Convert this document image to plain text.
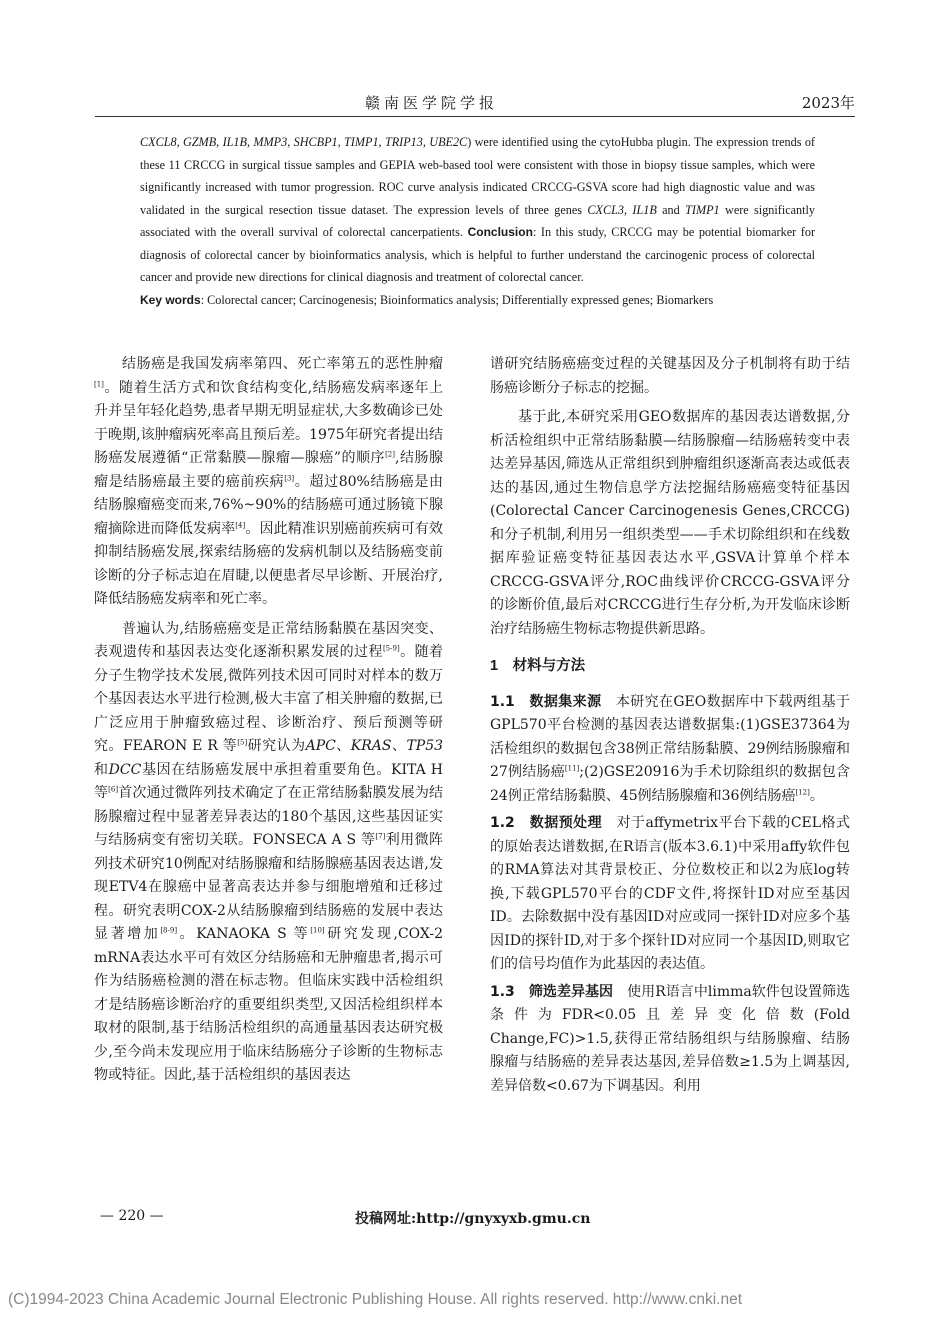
赣南医学院学报	2023年

CXCL8, GZMB, IL1B, MMP3, SHCBP1, TIMP1, TRIP13, UBE2C) were identified using the cytoHubba plugin. The expression trends of these 11 CRCCG in surgical tissue samples and GEPIA web-based tool were consistent with those in biopsy tissue samples, which were significantly increased with tumor progression. ROC curve analysis indicated CRCCG-GSVA score had high diagnostic value and was validated in the surgical resection tissue dataset. The expression levels of three genes CXCL3, IL1B and TIMP1 were significantly associated with the overall survival of colorectal cancerpatients. Conclusion: In this study, CRCCG may be potential biomarker for diagnosis of colorectal cancer by bioinformatics analysis, which is helpful to further understand the carcinogenic process of colorectal cancer and provide new directions for clinical diagnosis and treatment of colorectal cancer.

Key words: Colorectal cancer; Carcinogenesis; Bioinformatics analysis; Differentially expressed genes; Biomarkers

结肠癌是我国发病率第四、死亡率第五的恶性肿瘤[1]。随着生活方式和饮食结构变化,结肠癌发病率逐年上升并呈年轻化趋势,患者早期无明显症状,大多数确诊已处于晚期,该肿瘤病死率高且预后差。1975年研究者提出结肠癌发展遵循“正常黏膜—腺瘤—腺癌”的顺序[2],结肠腺瘤是结肠癌最主要的癌前疾病[3]。超过80%结肠癌是由结肠腺瘤癌变而来,76%~90%的结肠癌可通过肠镜下腺瘤摘除进而降低发病率[4]。因此精准识别癌前疾病可有效抑制结肠癌发展,探索结肠癌的发病机制以及结肠癌变前诊断的分子标志迫在眉睫,以便患者尽早诊断、开展治疗,降低结肠癌发病率和死亡率。

普遍认为,结肠癌癌变是正常结肠黏膜在基因突变、表观遗传和基因表达变化逐渐积累发展的过程[5-9]。随着分子生物学技术发展,微阵列技术因可同时对样本的数万个基因表达水平进行检测,极大丰富了相关肿瘤的数据,已广泛应用于肿瘤致癌过程、诊断治疗、预后预测等研究。FEARON E R 等[5]研究认为APC、KRAS、TP53和DCC基因在结肠癌发展中承担着重要角色。KITA H 等[6]首次通过微阵列技术确定了在正常结肠黏膜发展为结肠腺瘤过程中显著差异表达的180个基因,这些基因证实与结肠病变有密切关联。FONSECA A S 等[7]利用微阵列技术研究10例配对结肠腺瘤和结肠腺癌基因表达谱,发现ETV4在腺癌中显著高表达并参与细胞增殖和迁移过程。研究表明COX-2从结肠腺瘤到结肠癌的发展中表达显著增加[8-9]。KANAOKA S 等[10]研究发现,COX-2 mRNA表达水平可有效区分结肠癌和无肿瘤患者,揭示可作为结肠癌检测的潜在标志物。但临床实践中活检组织才是结肠癌诊断治疗的重要组织类型,又因活检组织样本取材的限制,基于结肠活检组织的高通量基因表达研究极少,至今尚未发现应用于临床结肠癌分子诊断的生物标志物或特征。因此,基于活检组织的基因表达

谱研究结肠癌癌变过程的关键基因及分子机制将有助于结肠癌诊断分子标志的挖掘。

基于此,本研究采用GEO数据库的基因表达谱数据,分析活检组织中正常结肠黏膜—结肠腺瘤—结肠癌转变中表达差异基因,筛选从正常组织到肿瘤组织逐渐高表达或低表达的基因,通过生物信息学方法挖掘结肠癌癌变特征基因(Colorectal Cancer Carcinogenesis Genes,CRCCG)和分子机制,利用另一组织类型——手术切除组织和在线数据库验证癌变特征基因表达水平,GSVA计算单个样本CRCCG-GSVA评分,ROC曲线评价CRCCG-GSVA评分的诊断价值,最后对CRCCG进行生存分析,为开发临床诊断治疗结肠癌生物标志物提供新思路。

1　材料与方法

1.1　数据集来源　本研究在GEO数据库中下载两组基于GPL570平台检测的基因表达谱数据集:(1)GSE37364为活检组织的数据包含38例正常结肠黏膜、29例结肠腺瘤和27例结肠癌[11];(2)GSE20916为手术切除组织的数据包含24例正常结肠黏膜、45例结肠腺瘤和36例结肠癌[12]。

1.2　数据预处理　对于affymetrix平台下载的CEL格式的原始表达谱数据,在R语言(版本3.6.1)中采用affy软件包的RMA算法对其背景校正、分位数校正和以2为底log转换,下载GPL570平台的CDF文件,将探针ID对应至基因ID。去除数据中没有基因ID对应或同一探针ID对应多个基因ID的探针ID,对于多个探针ID对应同一个基因ID,则取它们的信号均值作为此基因的表达值。

1.3　筛选差异基因　使用R语言中limma软件包设置筛选条件为FDR<0.05且差异变化倍数(Fold Change,FC)>1.5,获得正常结肠组织与结肠腺瘤、结肠腺瘤与结肠癌的差异表达基因,差异倍数≥1.5为上调基因,差异倍数<0.67为下调基因。利用

— 220 —	投稿网址:http://gnyxyxb.gmu.cn
(C)1994-2023 China Academic Journal Electronic Publishing House. All rights reserved. http://www.cnki.net
